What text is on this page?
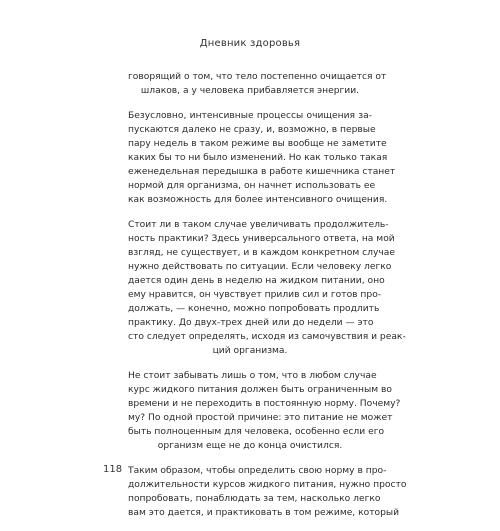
Дневник здоровья
говорящий о том, что тело постепенно очищается от
шлаков, а у человека прибавляется энергии.
Безусловно, интенсивные процессы очищения за-
пускаются далеко не сразу, и, возможно, в первые
пару недель в таком режиме вы вообще не заметите
каких бы то ни было изменений. Но как только такая
еженедельная передышка в работе кишечника станет
нормой для организма, он начнет использовать ее
как возможность для более интенсивного очищения.
Стоит ли в таком случае увеличивать продолжитель-
ность практики? Здесь универсального ответа, на мой
взгляд, не существует, и в каждом конкретном случае
нужно действовать по ситуации. Если человеку легко
дается один день в неделю на жидком питании, оно
ему нравится, он чувствует прилив сил и готов про-
должать, — конечно, можно попробовать продлить
практику. До двух-трех дней или до недели — это
сто следует определять, исходя из самочувствия и реак-
ций организма.
Не стоит забывать лишь о том, что в любом случае
курс жидкого питания должен быть ограниченным во
времени и не переходить в постоянную норму. Почему?
му? По одной простой причине: это питание не может
быть полноценным для человека, особенно если его
организм еще не до конца очистился.
Таким образом, чтобы определить свою норму в про-
должительности курсов жидкого питания, нужно просто
попробовать, понаблюдать за тем, насколько легко
вам это дается, и практиковать в том режиме, который
118
